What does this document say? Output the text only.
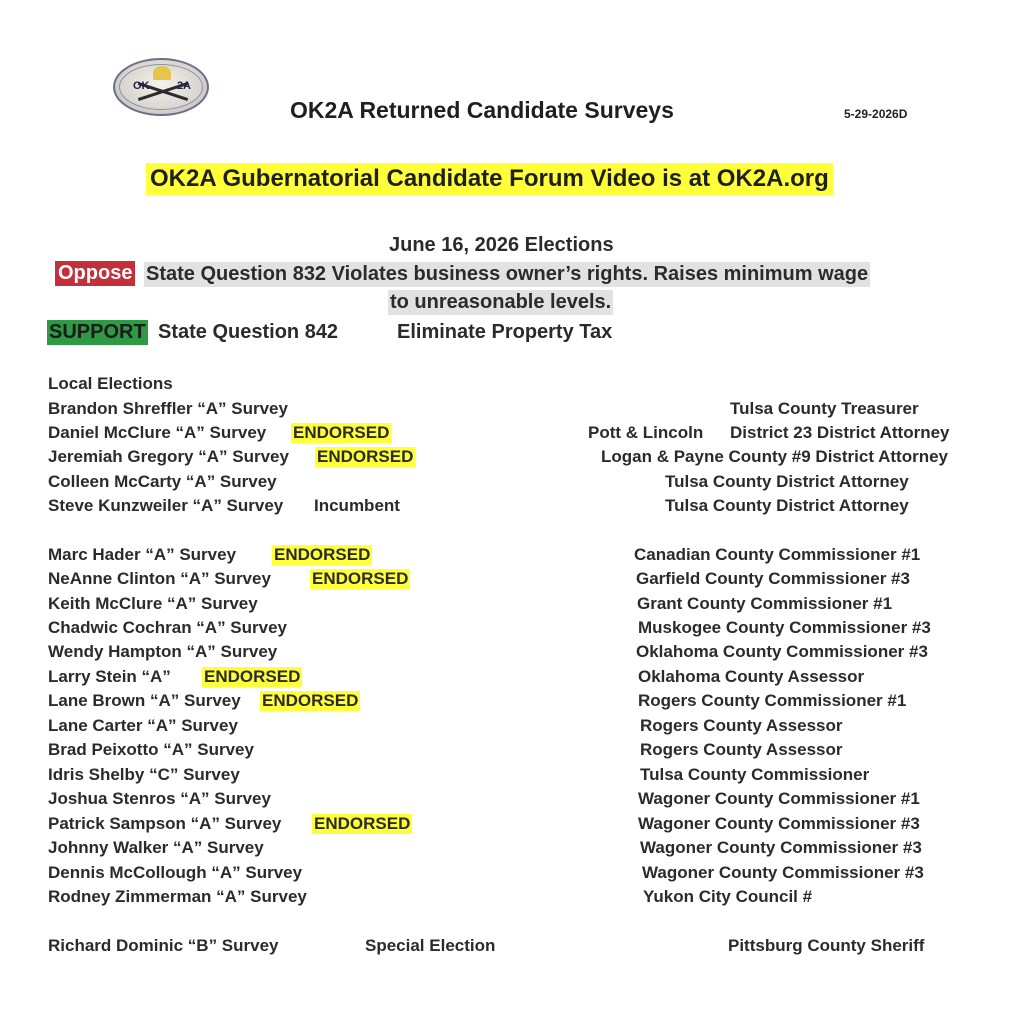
OK 2A
OK2A Returned Candidate Surveys	5-29-2026D
OK2A Gubernatorial Candidate Forum Video is at OK2A.org
June 16, 2026 Elections
Oppose State Question 832 Violates business owner’s rights. Raises minimum wage
to unreasonable levels.
SUPPORT State Question 842	Eliminate Property Tax
Local Elections
Brandon Shreffler “A” Survey	Tulsa County Treasurer
Daniel McClure “A” Survey ENDORSED	Pott & Lincoln District 23 District Attorney
Jeremiah Gregory “A” Survey ENDORSED	Logan & Payne County #9 District Attorney
Colleen McCarty “A” Survey	Tulsa County District Attorney
Steve Kunzweiler “A” Survey Incumbent	Tulsa County District Attorney
Marc Hader “A” Survey ENDORSED	Canadian County Commissioner #1
NeAnne Clinton “A” Survey ENDORSED	Garfield County Commissioner #3
Keith McClure “A” Survey	Grant County Commissioner #1
Chadwic Cochran “A” Survey	Muskogee County Commissioner #3
Wendy Hampton “A” Survey	Oklahoma County Commissioner #3
Larry Stein “A” ENDORSED	Oklahoma County Assessor
Lane Brown “A” Survey ENDORSED	Rogers County Commissioner #1
Lane Carter “A” Survey	Rogers County Assessor
Brad Peixotto “A” Survey	Rogers County Assessor
Idris Shelby “C” Survey	Tulsa County Commissioner
Joshua Stenros “A” Survey	Wagoner County Commissioner #1
Patrick Sampson “A” Survey ENDORSED	Wagoner County Commissioner #3
Johnny Walker “A” Survey	Wagoner County Commissioner #3
Dennis McCollough “A” Survey	Wagoner County Commissioner #3
Rodney Zimmerman “A” Survey	Yukon City Council #
Richard Dominic “B” Survey	Special Election	Pittsburg County Sheriff
